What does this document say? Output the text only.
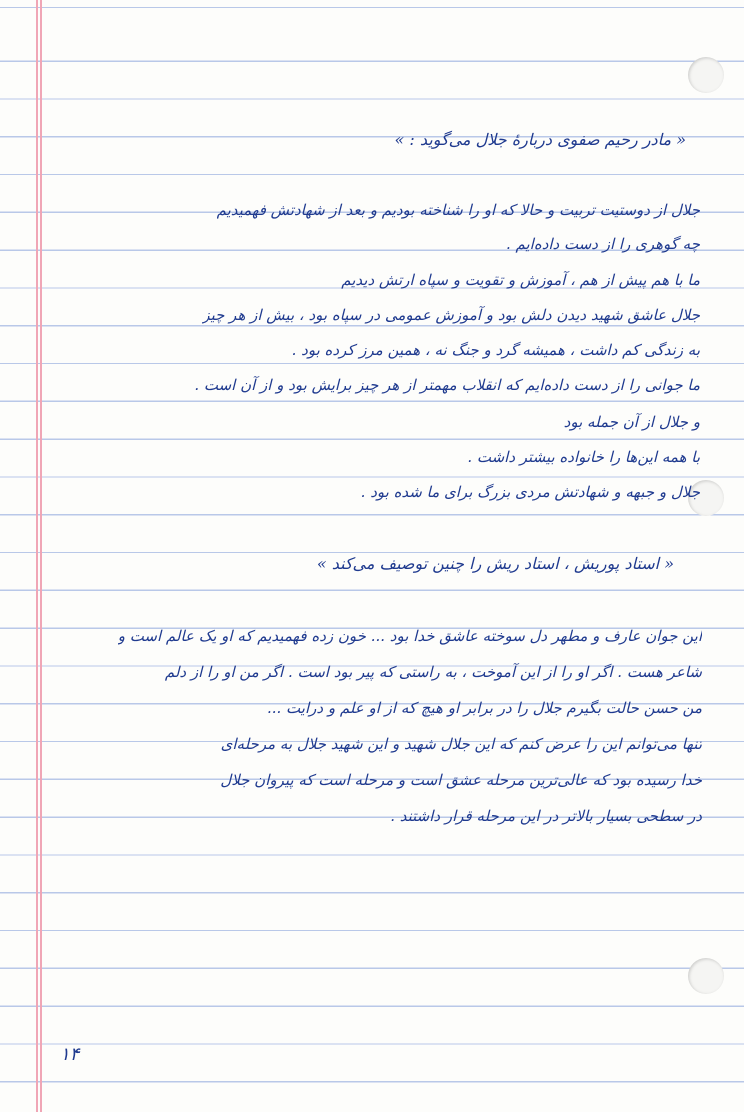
« مادر رحیم صفوی دربارهٔ جلال می‌گوید : »
جلال از دوستیت تربیت و حالا که او را شناخته بودیم و بعد از شهادتش فهمیدیم
چه گوهری را از دست داده‌ایم .
ما با هم پیش از هم ، آموزش و تقویت و سپاه ارتش دیدیم
جلال عاشق شهید دیدن دلش بود و آموزش عمومی در سپاه بود ، بیش از هر چیز
به زندگی کم داشت ، همیشه گرد و جنگ نه ، همین مرز کرده بود .
ما جوانی را از دست داده‌ایم که انقلاب مهمتر از هر چیز برایش بود و از آن است .
و جلال از آن جمله بود
با همه این‌ها را خانواده بیشتر داشت .
جلال و جبهه و شهادتش مردی بزرگ برای ما شده بود .
« استاد پوریش ، استاد ریش را چنین توصیف می‌کند »
این جوان عارف و مطهر دل سوخته عاشق خدا بود ... خون زده فهمیدیم که او یک عالم است و
شاعر هست . اگر او را از این آموخت ، به راستی که پیر بود است . اگر من او را از دلم
من حسن حالت بگیرم جلال را در برابر او هیچ که از او علم و درایت ...
تنها می‌توانم این را عرض کنم که این جلال شهید و این شهید جلال به مرحله‌ای
خدا رسیده بود که عالی‌ترین مرحله عشق است و مرحله است که پیروان جلال
در سطحی بسیار بالاتر در این مرحله قرار داشتند .
۱۴
